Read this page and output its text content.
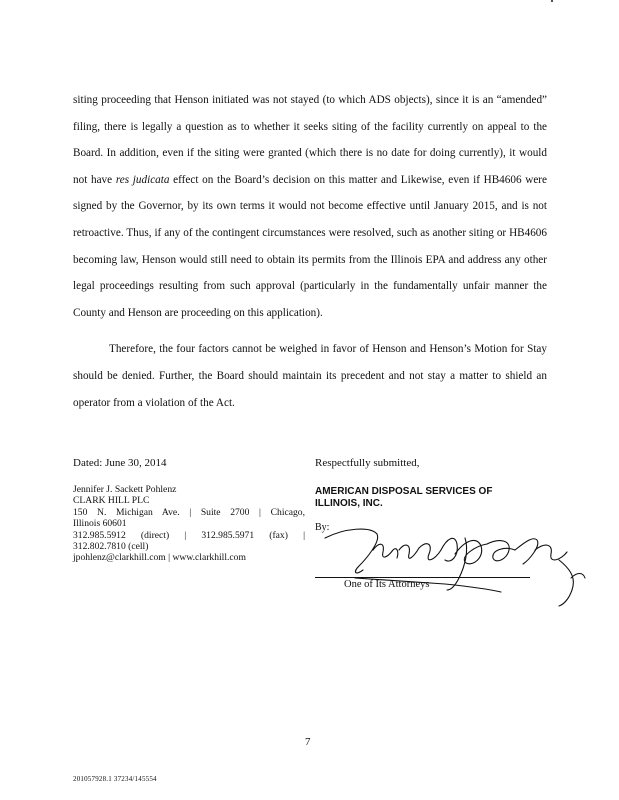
siting proceeding that Henson initiated was not stayed (to which ADS objects), since it is an “amended” filing, there is legally a question as to whether it seeks siting of the facility currently on appeal to the Board. In addition, even if the siting were granted (which there is no date for doing currently), it would not have res judicata effect on the Board’s decision on this matter and Likewise, even if HB4606 were signed by the Governor, by its own terms it would not become effective until January 2015, and is not retroactive. Thus, if any of the contingent circumstances were resolved, such as another siting or HB4606 becoming law, Henson would still need to obtain its permits from the Illinois EPA and address any other legal proceedings resulting from such approval (particularly in the fundamentally unfair manner the County and Henson are proceeding on this application).

Therefore, the four factors cannot be weighed in favor of Henson and Henson’s Motion for Stay should be denied. Further, the Board should maintain its precedent and not stay a matter to shield an operator from a violation of the Act.

Dated: June 30, 2014	Respectfully submitted,
Jennifer J. Sackett Pohlenz
CLARK HILL PLC
150 N. Michigan Ave. | Suite 2700 | Chicago,
Illinois 60601
312.985.5912 (direct) | 312.985.5971 (fax) |
312.802.7810 (cell)
jpohlenz@clarkhill.com | www.clarkhill.com
AMERICAN DISPOSAL SERVICES OF
ILLINOIS, INC.
By:
One of Its Attorneys
7
201057928.1 37234/145554
